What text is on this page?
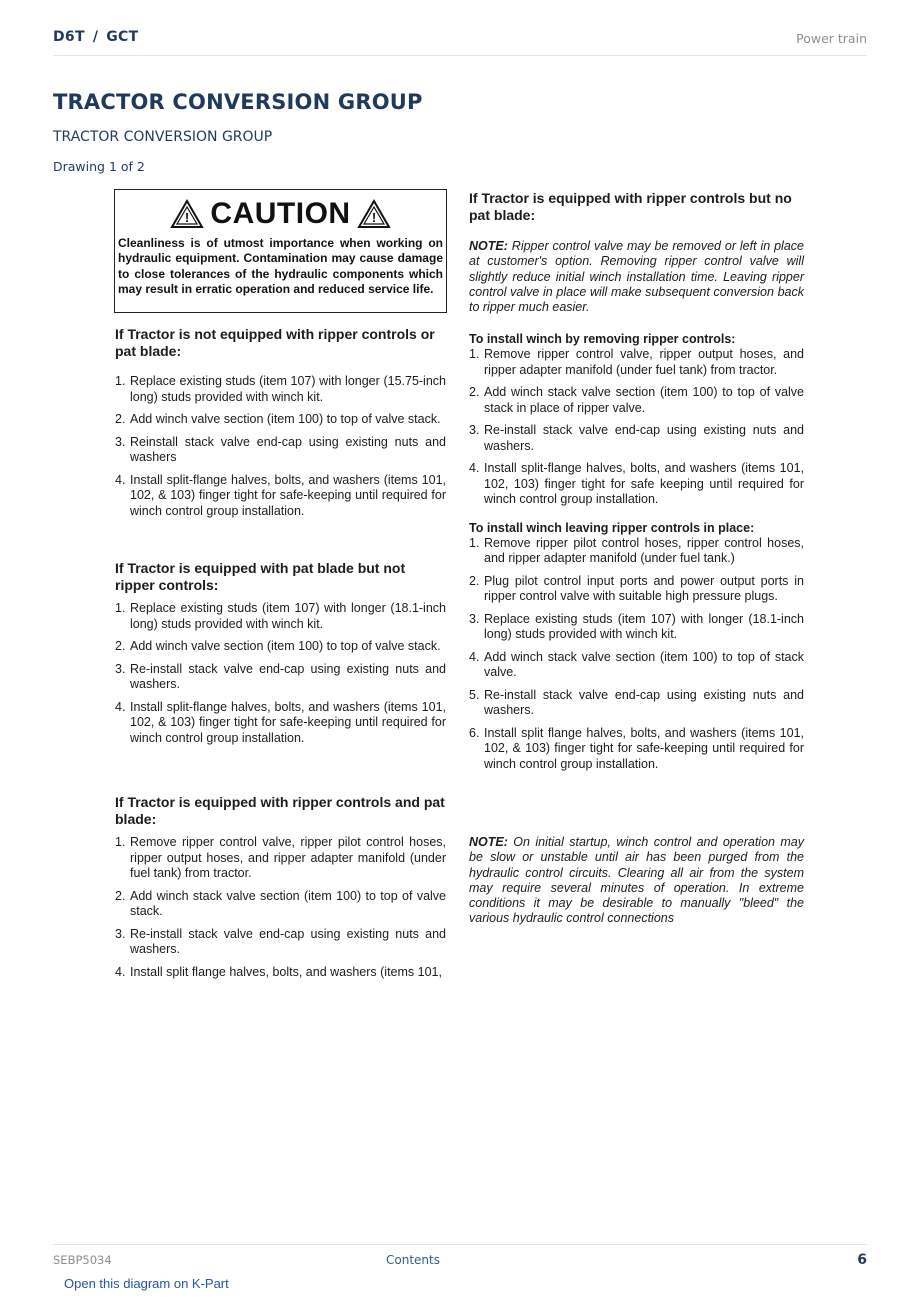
D6T / GCT	Power train
TRACTOR CONVERSION GROUP
TRACTOR CONVERSION GROUP
Drawing 1 of 2
! CAUTION !
Cleanliness is of utmost importance when working on hydraulic equipment. Contamination may cause damage to close tolerances of the hydraulic components which may result in erratic operation and reduced service life.
If Tractor is not equipped with ripper controls or pat blade:
1. Replace existing studs (item 107) with longer (15.75-inch long) studs provided with winch kit.
2. Add winch valve section (item 100) to top of valve stack.
3. Reinstall stack valve end-cap using existing nuts and washers
4. Install split-flange halves, bolts, and washers (items 101, 102, & 103) finger tight for safe-keeping until required for winch control group installation.
If Tractor is equipped with pat blade but not ripper controls:
1. Replace existing studs (item 107) with longer (18.1-inch long) studs provided with winch kit.
2. Add winch valve section (item 100) to top of valve stack.
3. Re-install stack valve end-cap using existing nuts and washers.
4. Install split-flange halves, bolts, and washers (items 101, 102, & 103) finger tight for safe-keeping until required for winch control group installation.
If Tractor is equipped with ripper controls and pat blade:
1. Remove ripper control valve, ripper pilot control hoses, ripper output hoses, and ripper adapter manifold (under fuel tank) from tractor.
2. Add winch stack valve section (item 100) to top of valve stack.
3. Re-install stack valve end-cap using existing nuts and washers.
4. Install split flange halves, bolts, and washers (items 101,
If Tractor is equipped with ripper controls but no pat blade:
NOTE: Ripper control valve may be removed or left in place at customer's option. Removing ripper control valve will slightly reduce initial winch installation time. Leaving ripper control valve in place will make subsequent conversion back to ripper much easier.
To install winch by removing ripper controls:
1. Remove ripper control valve, ripper output hoses, and ripper adapter manifold (under fuel tank) from tractor.
2. Add winch stack valve section (item 100) to top of valve stack in place of ripper valve.
3. Re-install stack valve end-cap using existing nuts and washers.
4. Install split-flange halves, bolts, and washers (items 101, 102, 103) finger tight for safe keeping until required for winch control group installation.
To install winch leaving ripper controls in place:
1. Remove ripper pilot control hoses, ripper control hoses, and ripper adapter manifold (under fuel tank.)
2. Plug pilot control input ports and power output ports in ripper control valve with suitable high pressure plugs.
3. Replace existing studs (item 107) with longer (18.1-inch long) studs provided with winch kit.
4. Add winch stack valve section (item 100) to top of stack valve.
5. Re-install stack valve end-cap using existing nuts and washers.
6. Install split flange halves, bolts, and washers (items 101, 102, & 103) finger tight for safe-keeping until required for winch control group installation.
NOTE: On initial startup, winch control and operation may be slow or unstable until air has been purged from the hydraulic control circuits. Clearing all air from the system may require several minutes of operation. In extreme conditions it may be desirable to manually "bleed" the various hydraulic control connections
SEBP5034	Contents	6
Open this diagram on K-Part
